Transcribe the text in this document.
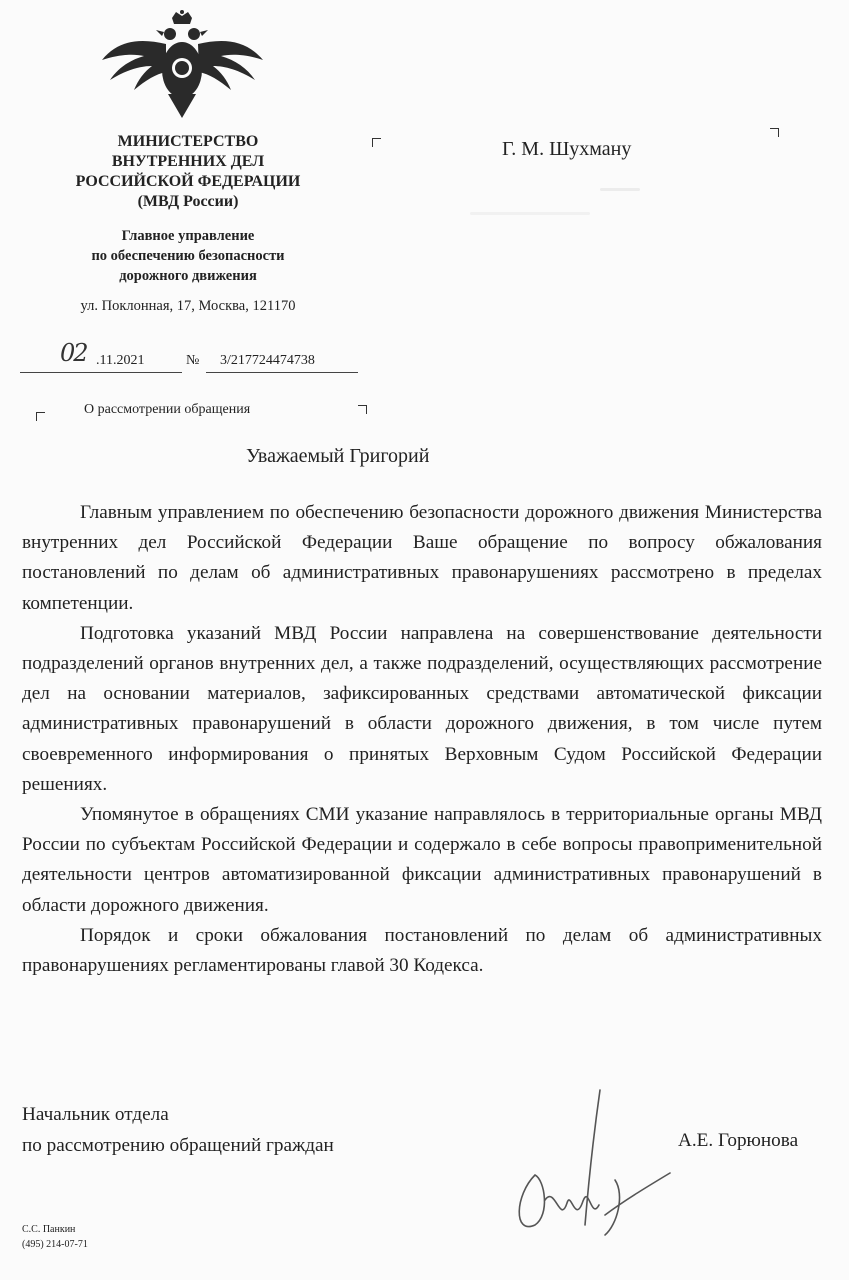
МИНИСТЕРСТВО
ВНУТРЕННИХ ДЕЛ
РОССИЙСКОЙ ФЕДЕРАЦИИ
(МВД России)
Главное управление
по обеспечению безопасности
дорожного движения
ул. Поклонная, 17, Москва, 121170
Г. М. Шухману
02 .11.2021	№ 3/217724474738
О рассмотрении обращения
Уважаемый Григорий

Главным управлением по обеспечению безопасности дорожного движения Министерства внутренних дел Российской Федерации Ваше обращение по вопросу обжалования постановлений по делам об административных правонарушениях рассмотрено в пределах компетенции.

Подготовка указаний МВД России направлена на совершенствование деятельности подразделений органов внутренних дел, а также подразделений, осуществляющих рассмотрение дел на основании материалов, зафиксированных средствами автоматической фиксации административных правонарушений в области дорожного движения, в том числе путем своевременного информирования о принятых Верховным Судом Российской Федерации решениях.

Упомянутое в обращениях СМИ указание направлялось в территориальные органы МВД России по субъектам Российской Федерации и содержало в себе вопросы правоприменительной деятельности центров автоматизированной фиксации административных правонарушений в области дорожного движения.

Порядок и сроки обжалования постановлений по делам об административных правонарушениях регламентированы главой 30 Кодекса.

Начальник отдела
по рассмотрению обращений граждан	А.Е. Горюнова
С.С. Панкин
(495) 214-07-71
